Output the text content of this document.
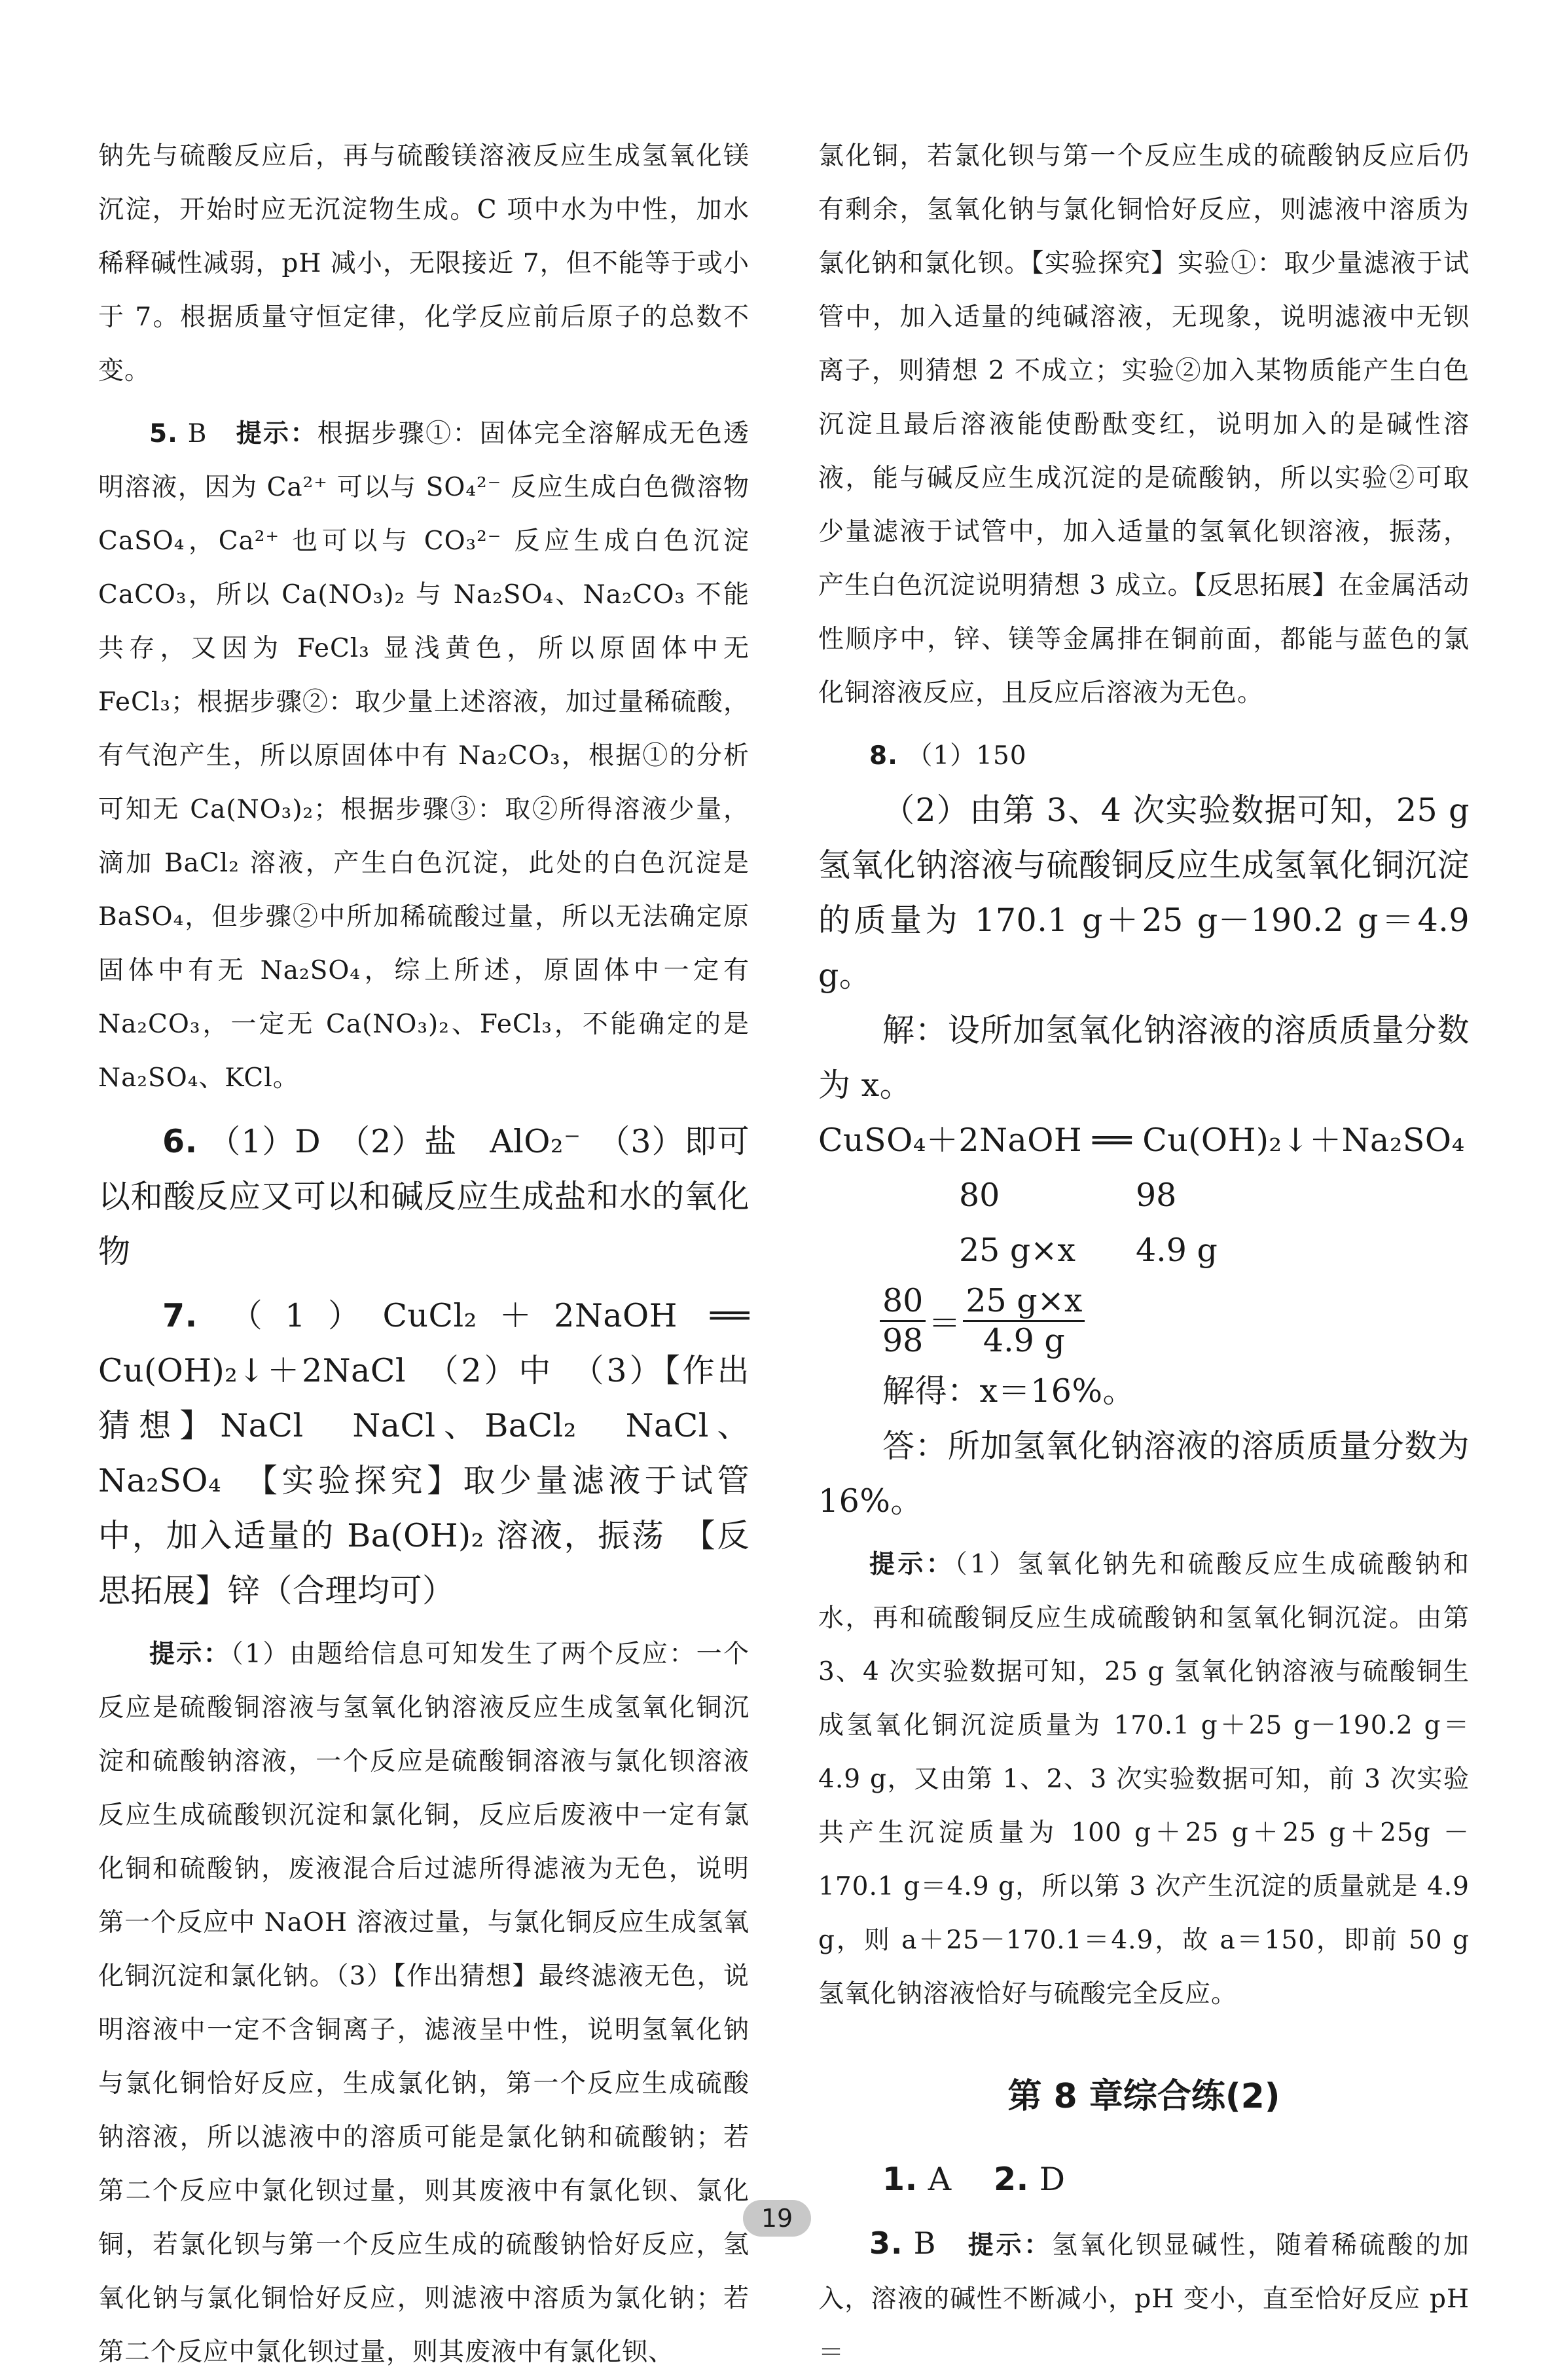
钠先与硫酸反应后，再与硫酸镁溶液反应生成氢氧化镁沉淀，开始时应无沉淀物生成。C 项中水为中性，加水稀释碱性减弱，pH 减小，无限接近 7，但不能等于或小于 7。根据质量守恒定律，化学反应前后原子的总数不变。

5. B 提示：根据步骤①：固体完全溶解成无色透明溶液，因为 Ca²⁺ 可以与 SO₄²⁻ 反应生成白色微溶物 CaSO₄，Ca²⁺ 也可以与 CO₃²⁻ 反应生成白色沉淀 CaCO₃，所以 Ca(NO₃)₂ 与 Na₂SO₄、Na₂CO₃ 不能共存，又因为 FeCl₃ 显浅黄色，所以原固体中无 FeCl₃；根据步骤②：取少量上述溶液，加过量稀硫酸，有气泡产生，所以原固体中有 Na₂CO₃，根据①的分析可知无 Ca(NO₃)₂；根据步骤③：取②所得溶液少量，滴加 BaCl₂ 溶液，产生白色沉淀，此处的白色沉淀是 BaSO₄，但步骤②中所加稀硫酸过量，所以无法确定原固体中有无 Na₂SO₄，综上所述，原固体中一定有 Na₂CO₃，一定无 Ca(NO₃)₂、FeCl₃，不能确定的是 Na₂SO₄、KCl。

6. （1）D　（2）盐　AlO₂⁻　（3）即可以和酸反应又可以和碱反应生成盐和水的氧化物

7. （1）CuCl₂＋2NaOH ══ Cu(OH)₂↓＋2NaCl　（2）中　（3）【作出猜想】NaCl　NaCl、BaCl₂　NaCl、Na₂SO₄　【实验探究】取少量滤液于试管中，加入适量的 Ba(OH)₂ 溶液，振荡　【反思拓展】锌（合理均可）

提示：（1）由题给信息可知发生了两个反应：一个反应是硫酸铜溶液与氢氧化钠溶液反应生成氢氧化铜沉淀和硫酸钠溶液，一个反应是硫酸铜溶液与氯化钡溶液反应生成硫酸钡沉淀和氯化铜，反应后废液中一定有氯化铜和硫酸钠，废液混合后过滤所得滤液为无色，说明第一个反应中 NaOH 溶液过量，与氯化铜反应生成氢氧化铜沉淀和氯化钠。（3）【作出猜想】最终滤液无色，说明溶液中一定不含铜离子，滤液呈中性，说明氢氧化钠与氯化铜恰好反应，生成氯化钠，第一个反应生成硫酸钠溶液，所以滤液中的溶质可能是氯化钠和硫酸钠；若第二个反应中氯化钡过量，则其废液中有氯化钡、氯化铜，若氯化钡与第一个反应生成的硫酸钠恰好反应，氢氧化钠与氯化铜恰好反应，则滤液中溶质为氯化钠；若第二个反应中氯化钡过量，则其废液中有氯化钡、

氯化铜，若氯化钡与第一个反应生成的硫酸钠反应后仍有剩余，氢氧化钠与氯化铜恰好反应，则滤液中溶质为氯化钠和氯化钡。【实验探究】实验①：取少量滤液于试管中，加入适量的纯碱溶液，无现象，说明滤液中无钡离子，则猜想 2 不成立；实验②加入某物质能产生白色沉淀且最后溶液能使酚酞变红，说明加入的是碱性溶液，能与碱反应生成沉淀的是硫酸钠，所以实验②可取少量滤液于试管中，加入适量的氢氧化钡溶液，振荡，产生白色沉淀说明猜想 3 成立。【反思拓展】在金属活动性顺序中，锌、镁等金属排在铜前面，都能与蓝色的氯化铜溶液反应，且反应后溶液为无色。

8. （1）150

（2）由第 3、4 次实验数据可知，25 g 氢氧化钠溶液与硫酸铜反应生成氢氧化铜沉淀的质量为 170.1 g＋25 g－190.2 g＝4.9 g。

解：设所加氢氧化钠溶液的溶质质量分数为 x。

CuSO₄＋2NaOH ══ Cu(OH)₂↓＋Na₂SO₄

80	98
25 g×x	4.9 g
$\frac{80}{98} = \frac{25 g\times x}{4.9 g}$

解得：x＝16%。

答：所加氢氧化钠溶液的溶质质量分数为 16%。

提示：（1）氢氧化钠先和硫酸反应生成硫酸钠和水，再和硫酸铜反应生成硫酸钠和氢氧化铜沉淀。由第 3、4 次实验数据可知，25 g 氢氧化钠溶液与硫酸铜生成氢氧化铜沉淀质量为 170.1 g＋25 g－190.2 g＝4.9 g，又由第 1、2、3 次实验数据可知，前 3 次实验共产生沉淀质量为 100 g＋25 g＋25 g＋25g －170.1 g＝4.9 g，所以第 3 次产生沉淀的质量就是 4.9 g，则 a＋25－170.1＝4.9，故 a＝150，即前 50 g 氢氧化钠溶液恰好与硫酸完全反应。

第 8 章综合练(2)

1. A 2. D

3. B 提示：氢氧化钡显碱性，随着稀硫酸的加入，溶液的碱性不断减小，pH 变小，直至恰好反应 pH＝

19
